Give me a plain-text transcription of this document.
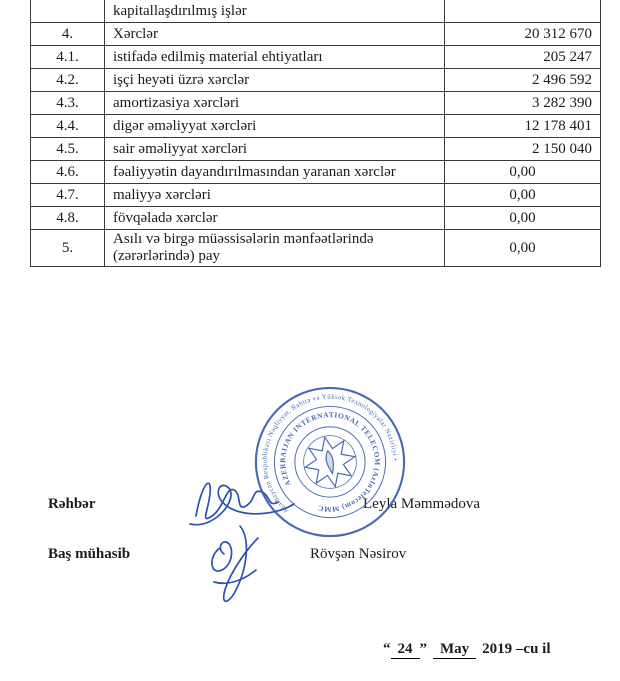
	kapitallaşdırılmış işlər	
4.	Xərclər	20 312 670
4.1.	istifadə edilmiş material ehtiyatları	205 247
4.2.	işçi heyəti üzrə xərclər	2 496 592
4.3.	amortizasiya xərcləri	3 282 390
4.4.	digər əməliyyat xərcləri	12 178 401
4.5.	sair əməliyyat xərcləri	2 150 040
4.6.	fəaliyyətin dayandırılmasından yaranan xərclər	0,00
4.7.	maliyyə xərcləri	0,00
4.8.	fövqəladə xərclər	0,00
5.	Asılı və birgə müəssisələrin mənfəətlərində (zərərlərində) pay	0,00
Rəhbər	Leyla Məmmədova
Baş mühasib	Rövşən Nəsirov
Azərbaycan Respublikası Nəqliyyat, Rabitə və Yüksək Texnologiyalar Nazirliyi •
AZERBAIJAN INTERNATIONAL TELECOM (AzInTelecom) MMC
“ 24 ” May 2019 –cu il
